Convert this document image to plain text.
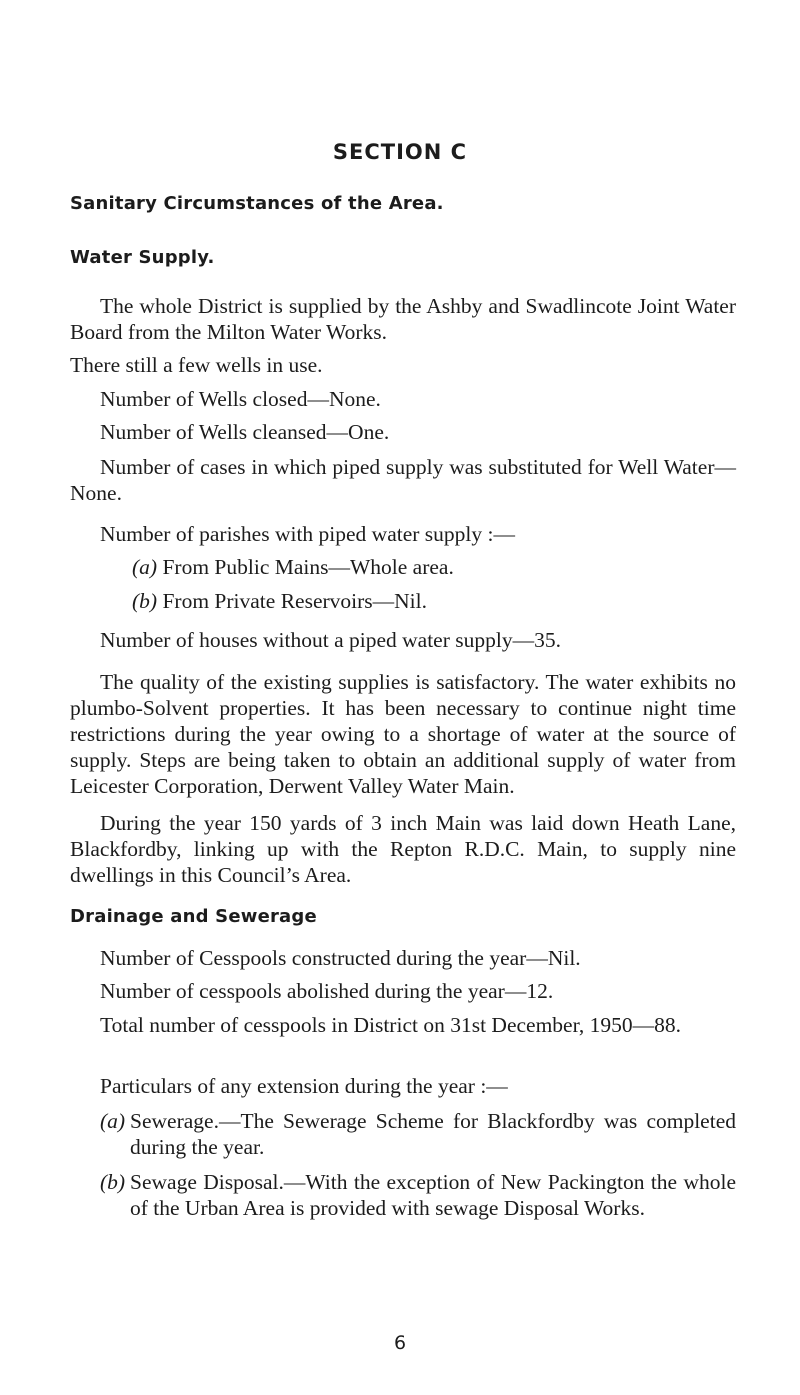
SECTION C
Sanitary Circumstances of the Area.
Water Supply.
The whole District is supplied by the Ashby and Swadlincote Joint Water Board from the Milton Water Works.
There still a few wells in use.
Number of Wells closed—None.
Number of Wells cleansed—One.
Number of cases in which piped supply was substituted for Well Water—None.
Number of parishes with piped water supply :—
(a) From Public Mains—Whole area.
(b) From Private Reservoirs—Nil.
Number of houses without a piped water supply—35.
The quality of the existing supplies is satisfactory. The water exhibits no plumbo-Solvent properties. It has been necessary to continue night time restrictions during the year owing to a shortage of water at the source of supply. Steps are being taken to obtain an additional supply of water from Leicester Corporation, Derwent Valley Water Main.
During the year 150 yards of 3 inch Main was laid down Heath Lane, Blackfordby, linking up with the Repton R.D.C. Main, to supply nine dwellings in this Council’s Area.
Drainage and Sewerage
Number of Cesspools constructed during the year—Nil.
Number of cesspools abolished during the year—12.
Total number of cesspools in District on 31st December, 1950—88.
Particulars of any extension during the year :—
(a) Sewerage.—The Sewerage Scheme for Blackfordby was completed during the year.
(b) Sewage Disposal.—With the exception of New Packington the whole of the Urban Area is provided with sewage Disposal Works.
6
